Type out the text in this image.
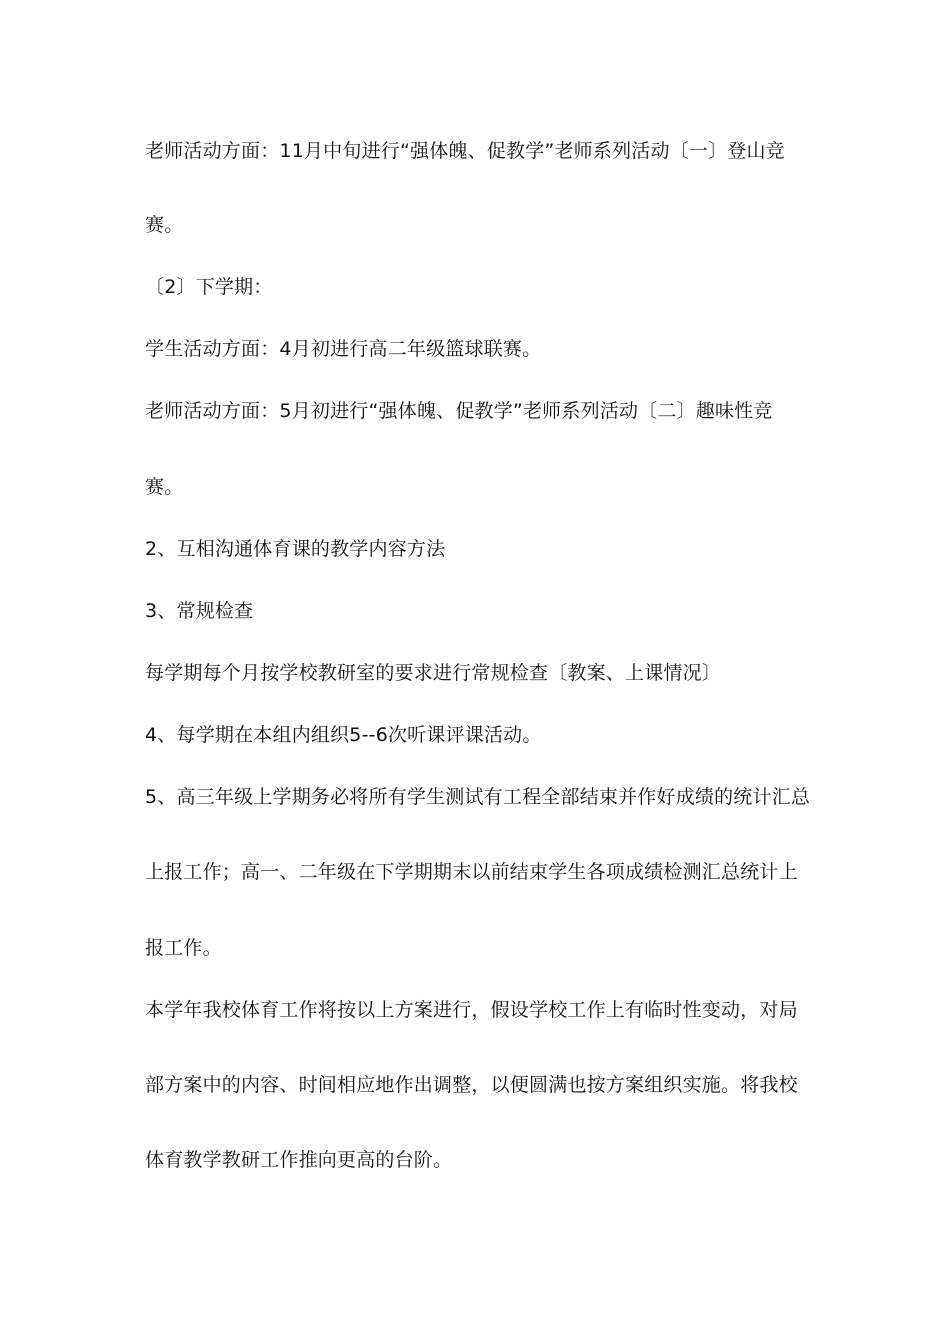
老师活动方面：11月中旬进行“强体魄、促教学”老师系列活动〔一〕登山竞
赛。
〔2〕下学期：
学生活动方面：4月初进行高二年级篮球联赛。
老师活动方面：5月初进行“强体魄、促教学”老师系列活动〔二〕趣味性竞
赛。
2、互相沟通体育课的教学内容方法
3、常规检查
每学期每个月按学校教研室的要求进行常规检查〔教案、上课情况〕
4、每学期在本组内组织5--6次听课评课活动。
5、高三年级上学期务必将所有学生测试有工程全部结束并作好成绩的统计汇总
上报工作；高一、二年级在下学期期末以前结束学生各项成绩检测汇总统计上
报工作。
本学年我校体育工作将按以上方案进行，假设学校工作上有临时性变动，对局
部方案中的内容、时间相应地作出调整，以便圆满也按方案组织实施。将我校
体育教学教研工作推向更高的台阶。
